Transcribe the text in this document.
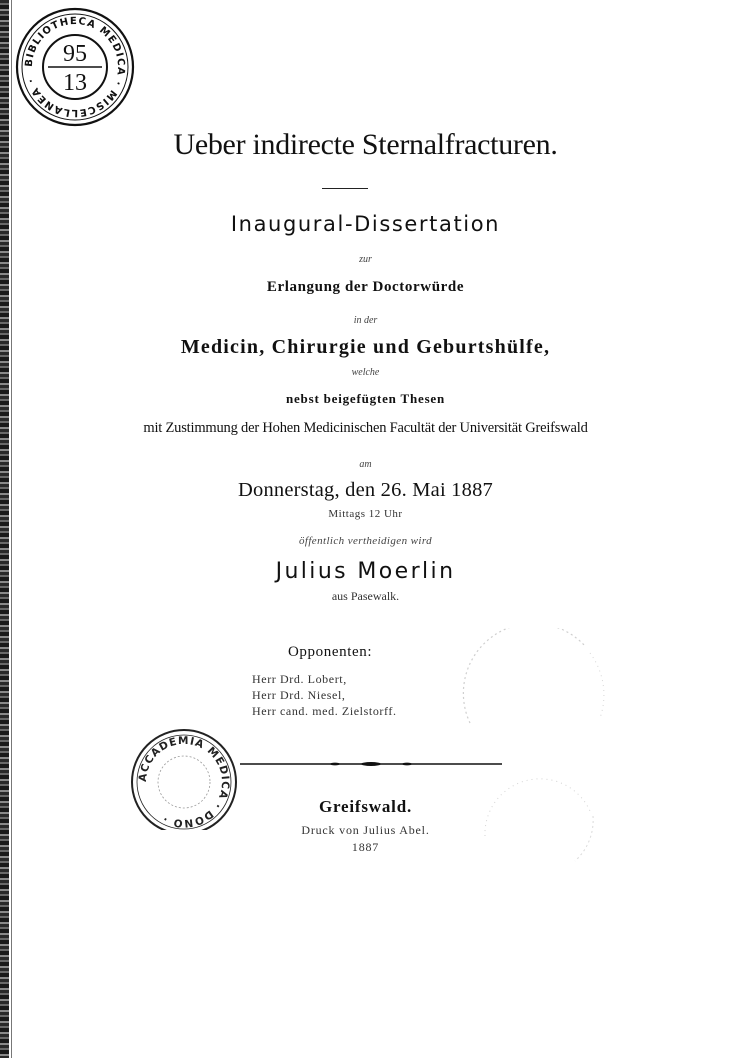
BIBLIOTHECA MEDICA · MISCELLANEA ·
95
13
Ueber indirecte Sternalfracturen.
Inaugural-Dissertation
zur
Erlangung der Doctorwürde
in der
Medicin, Chirurgie und Geburtshülfe,
welche
nebst beigefügten Thesen
mit Zustimmung der Hohen Medicinischen Facultät der Universität Greifswald
am
Donnerstag, den 26. Mai 1887
Mittags 12 Uhr
öffentlich vertheidigen wird
Julius Moerlin
aus Pasewalk.
Opponenten:
Herr Drd. Lobert,
Herr Drd. Niesel,
Herr cand. med. Zielstorff.
ACCADEMIA MEDICA · DONO ·
Greifswald.
Druck von Julius Abel.
1887
